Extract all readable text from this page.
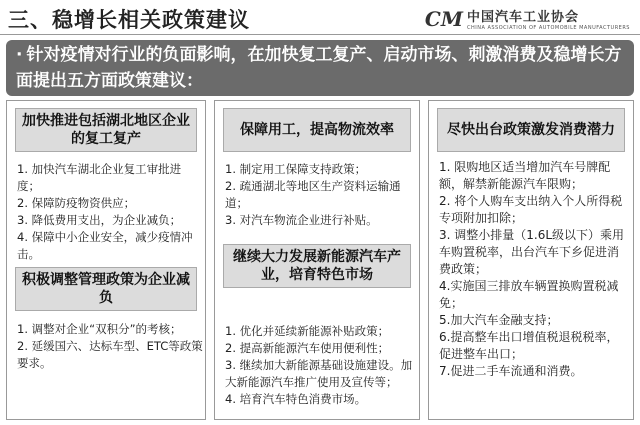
三、稳增长相关政策建议	CM 中国汽车工业协会
CHINA ASSOCIATION OF AUTOMOBILE MANUFACTURERS
· 针对疫情对行业的负面影响，在加快复工复产、启动市场、刺激消费及稳增长方面提出五方面政策建议：
加快推进包括湖北地区企业的复工复产
1. 加快汽车湖北企业复工审批进度；
2. 保障防疫物资供应；
3. 降低费用支出，为企业减负；
4. 保障中小企业安全，减少疫情冲击。
积极调整管理政策为企业减负
1. 调整对企业“双积分”的考核；
2. 延缓国六、达标车型、ETC等政策要求。
保障用工，提高物流效率
1. 制定用工保障支持政策；
2. 疏通湖北等地区生产资料运输通道；
3. 对汽车物流企业进行补贴。
继续大力发展新能源汽车产业，培育特色市场
1. 优化并延续新能源补贴政策；
2. 提高新能源汽车使用便利性；
3. 继续加大新能源基础设施建设。加大新能源汽车推广使用及宣传等；
4. 培育汽车特色消费市场。
尽快出台政策激发消费潜力
1. 限购地区适当增加汽车号牌配额，解禁新能源汽车限购；
2. 将个人购车支出纳入个人所得税专项附加扣除；
3. 调整小排量（1.6L级以下）乘用车购置税率，出台汽车下乡促进消费政策；
4.实施国三排放车辆置换购置税减免；
5.加大汽车金融支持；
6.提高整车出口增值税退税税率，促进整车出口；
7.促进二手车流通和消费。
